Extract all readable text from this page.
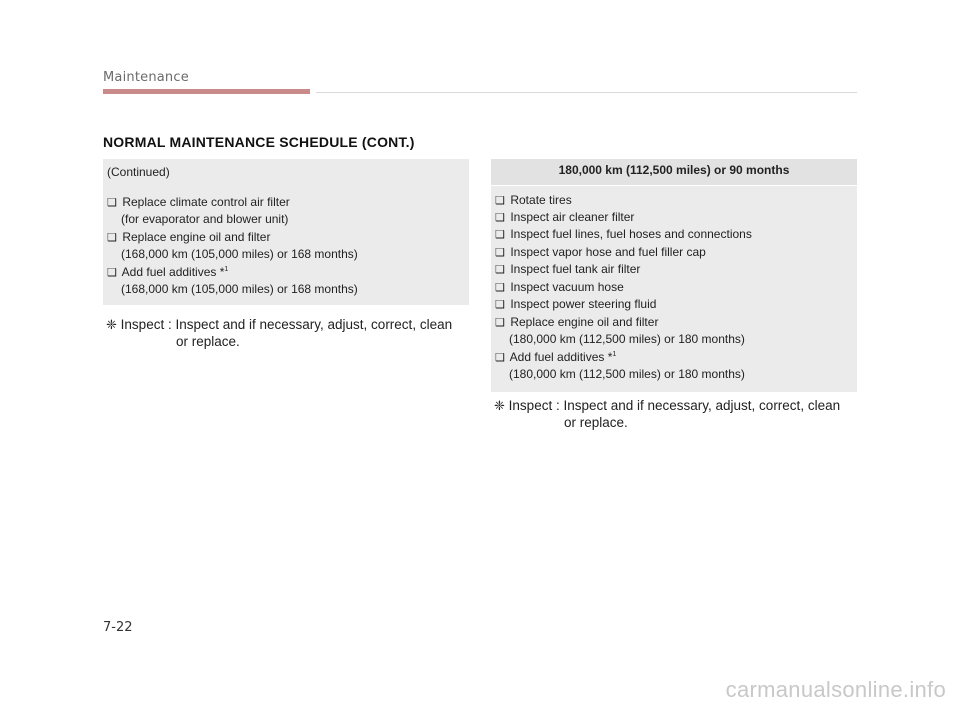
Maintenance
NORMAL MAINTENANCE SCHEDULE (CONT.)
(Continued)
❑ Replace climate control air filter
(for evaporator and blower unit)
❑ Replace engine oil and filter
(168,000 km (105,000 miles) or 168 months)
❑ Add fuel additives *$^1$
(168,000 km (105,000 miles) or 168 months)
❈ Inspect : Inspect and if necessary, adjust, correct, clean
or replace.
180,000 km (112,500 miles) or 90 months
❑ Rotate tires
❑ Inspect air cleaner filter
❑ Inspect fuel lines, fuel hoses and connections
❑ Inspect vapor hose and fuel filler cap
❑ Inspect fuel tank air filter
❑ Inspect vacuum hose
❑ Inspect power steering fluid
❑ Replace engine oil and filter
(180,000 km (112,500 miles) or 180 months)
❑ Add fuel additives *$^1$
(180,000 km (112,500 miles) or 180 months)
❈ Inspect : Inspect and if necessary, adjust, correct, clean
or replace.
7-22
carmanualsonline.info
